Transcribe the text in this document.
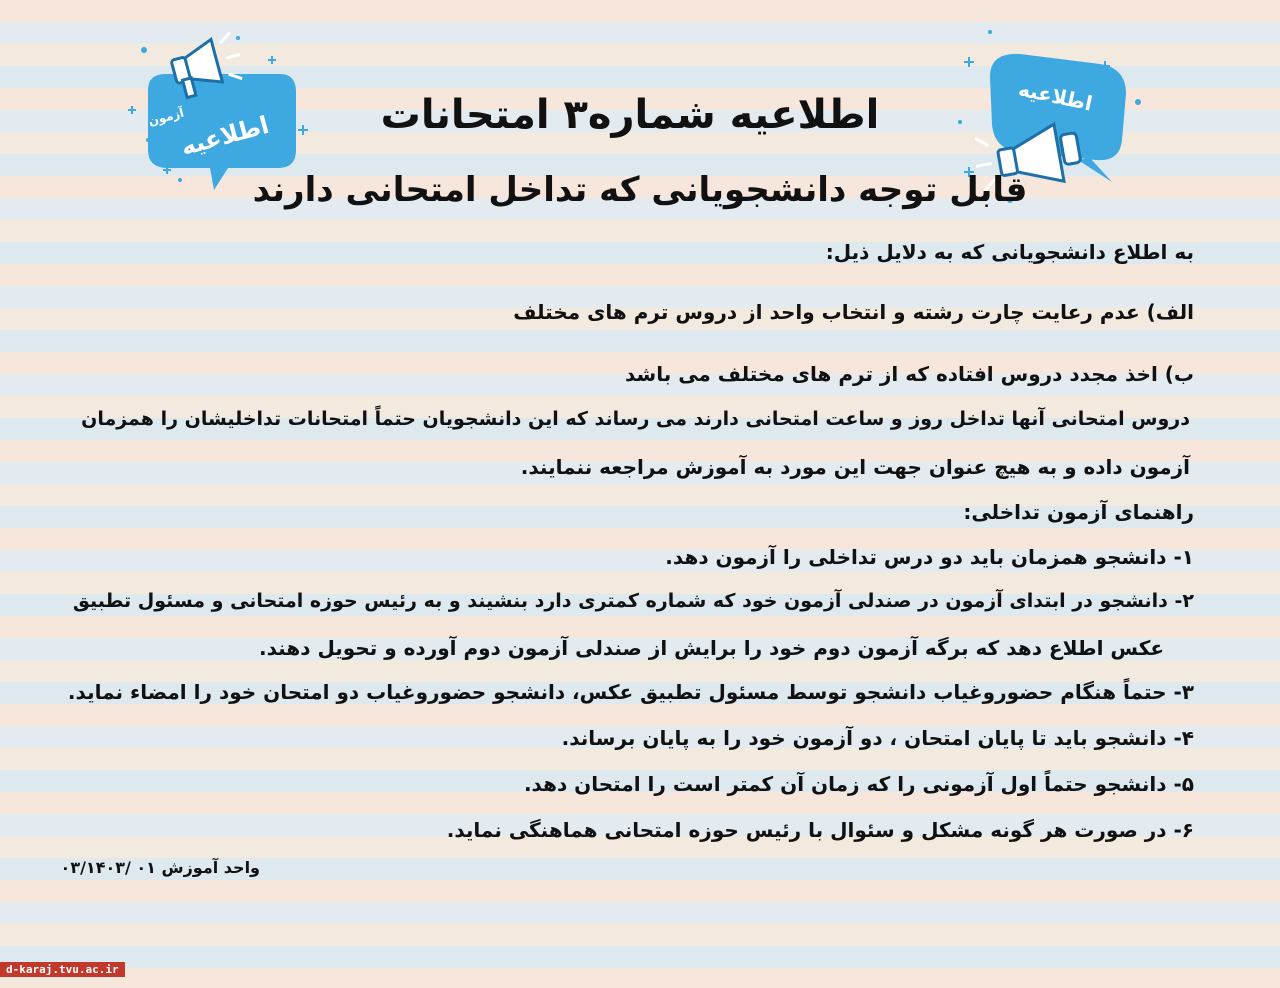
اطلاعیه
آزمون
اطلاعیه
اطلاعیه شماره۳ امتحانات
قابل توجه دانشجویانی که تداخل امتحانی دارند

به اطلاع دانشجویانی که به دلایل ذیل:

الف) عدم رعایت چارت رشته و انتخاب واحد از دروس ترم های مختلف

ب) اخذ مجدد دروس افتاده که از ترم های مختلف می باشد

دروس امتحانی آنها تداخل روز و ساعت امتحانی دارند می رساند که این دانشجویان حتماً امتحانات تداخلیشان را همزمان

آزمون داده و به هیچ عنوان جهت این مورد به آموزش مراجعه ننمایند.

راهنمای آزمون تداخلی:

۱- دانشجو همزمان باید دو درس تداخلی را آزمون دهد.

۲- دانشجو در ابتدای آزمون در صندلی آزمون خود که شماره کمتری دارد بنشیند و به رئیس حوزه امتحانی و مسئول تطبیق

عکس اطلاع دهد که برگه آزمون دوم خود را برایش از صندلی آزمون دوم آورده و تحویل دهند.

۳- حتماً هنگام حضوروغیاب دانشجو توسط مسئول تطبیق عکس، دانشجو حضوروغیاب دو امتحان خود را امضاء نماید.

۴- دانشجو باید تا پایان امتحان ، دو آزمون خود را به پایان برساند.

۵- دانشجو حتماً اول آزمونی را که زمان آن کمتر است را امتحان دهد.

۶- در صورت هر گونه مشکل و سئوال با رئیس حوزه امتحانی هماهنگی نماید.

واحد آموزش ۰۱ /۰۳/۱۴۰۳
d-karaj.tvu.ac.ir
